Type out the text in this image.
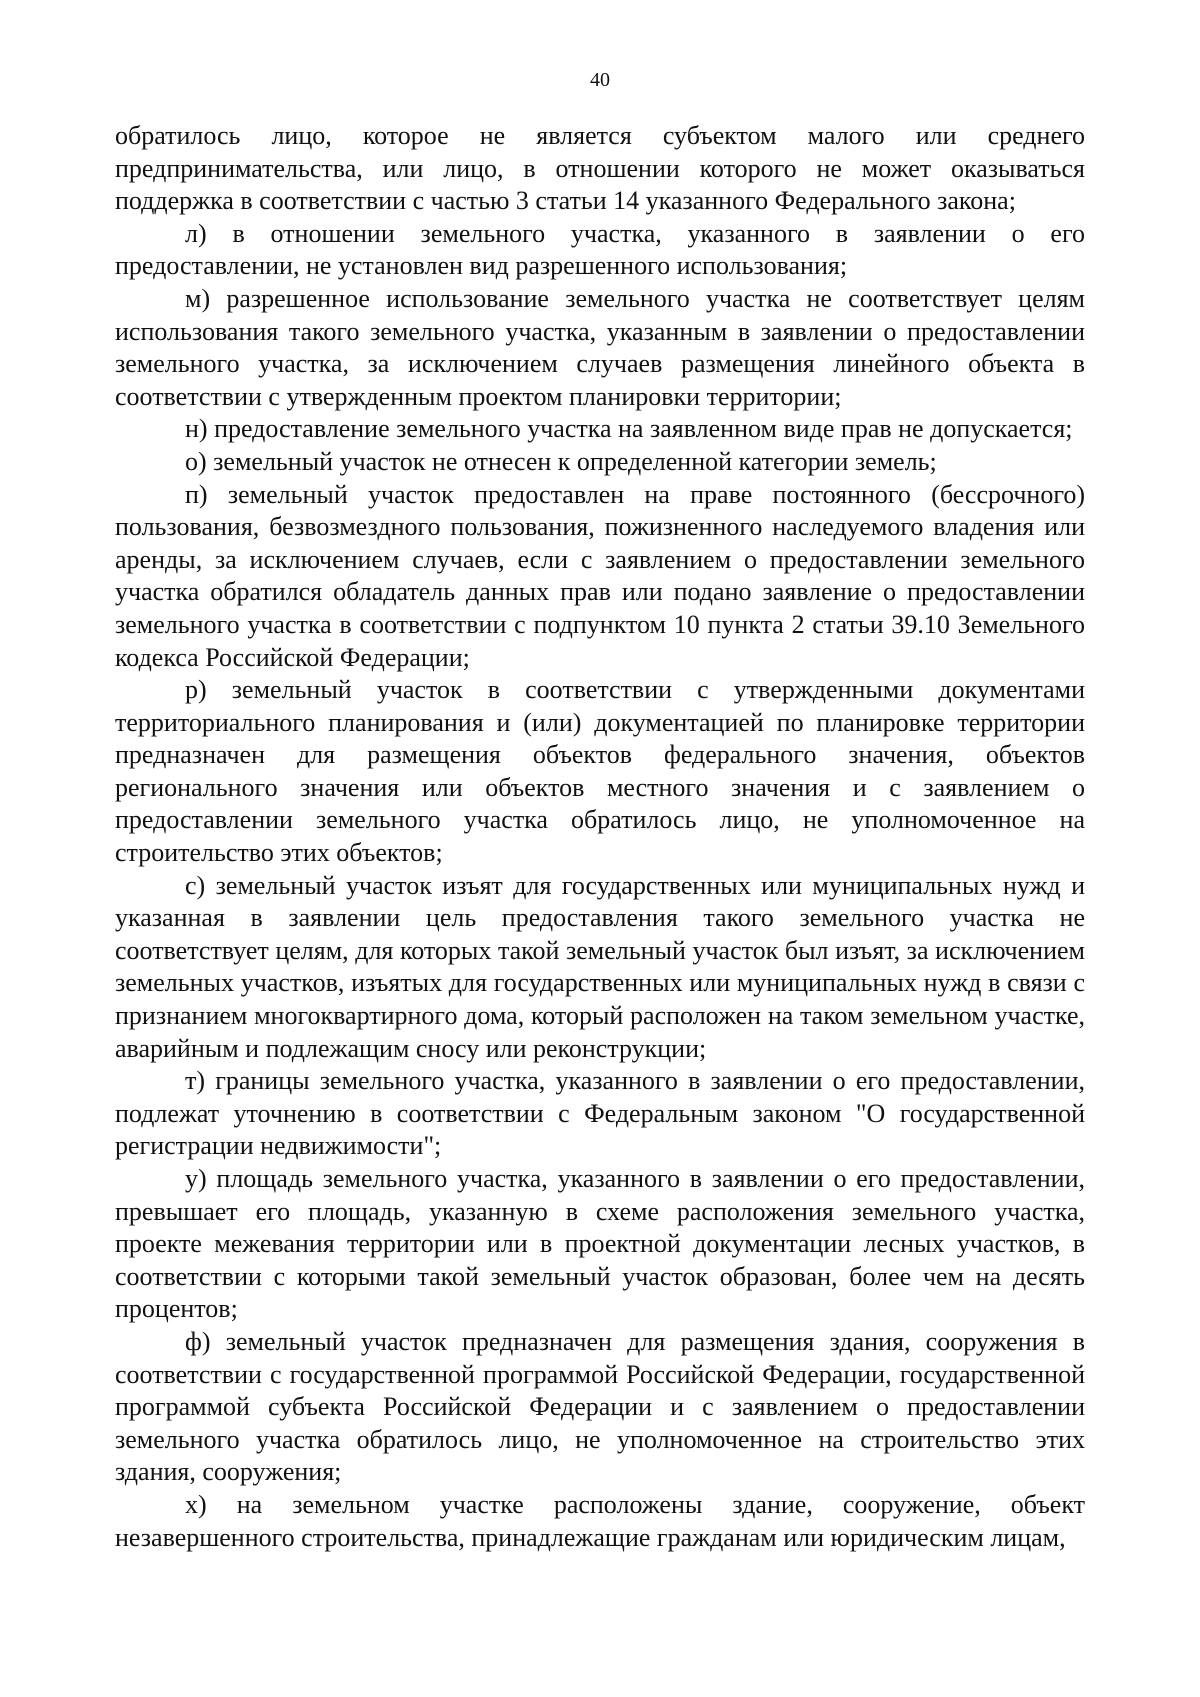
40

обратилось лицо, которое не является субъектом малого или среднего предпринимательства, или лицо, в отношении которого не может оказываться поддержка в соответствии с частью 3 статьи 14 указанного Федерального закона;

л) в отношении земельного участка, указанного в заявлении о его предоставлении, не установлен вид разрешенного использования;

м) разрешенное использование земельного участка не соответствует целям использования такого земельного участка, указанным в заявлении о предоставлении земельного участка, за исключением случаев размещения линейного объекта в соответствии с утвержденным проектом планировки территории;

н) предоставление земельного участка на заявленном виде прав не допускается;

о) земельный участок не отнесен к определенной категории земель;

п) земельный участок предоставлен на праве постоянного (бессрочного) пользования, безвозмездного пользования, пожизненного наследуемого владения или аренды, за исключением случаев, если с заявлением о предоставлении земельного участка обратился обладатель данных прав или подано заявление о предоставлении земельного участка в соответствии с подпунктом 10 пункта 2 статьи 39.10 Земельного кодекса Российской Федерации;

р) земельный участок в соответствии с утвержденными документами территориального планирования и (или) документацией по планировке территории предназначен для размещения объектов федерального значения, объектов регионального значения или объектов местного значения и с заявлением о предоставлении земельного участка обратилось лицо, не уполномоченное на строительство этих объектов;

с) земельный участок изъят для государственных или муниципальных нужд и указанная в заявлении цель предоставления такого земельного участка не соответствует целям, для которых такой земельный участок был изъят, за исключением земельных участков, изъятых для государственных или муниципальных нужд в связи с признанием многоквартирного дома, который расположен на таком земельном участке, аварийным и подлежащим сносу или реконструкции;

т) границы земельного участка, указанного в заявлении о его предоставлении, подлежат уточнению в соответствии с Федеральным законом "О государственной регистрации недвижимости";

у) площадь земельного участка, указанного в заявлении о его предоставлении, превышает его площадь, указанную в схеме расположения земельного участка, проекте межевания территории или в проектной документации лесных участков, в соответствии с которыми такой земельный участок образован, более чем на десять процентов;

ф) земельный участок предназначен для размещения здания, сооружения в соответствии с государственной программой Российской Федерации, государственной программой субъекта Российской Федерации и с заявлением о предоставлении земельного участка обратилось лицо, не уполномоченное на строительство этих здания, сооружения;

х) на земельном участке расположены здание, сооружение, объект незавершенного строительства, принадлежащие гражданам или юридическим лицам,
